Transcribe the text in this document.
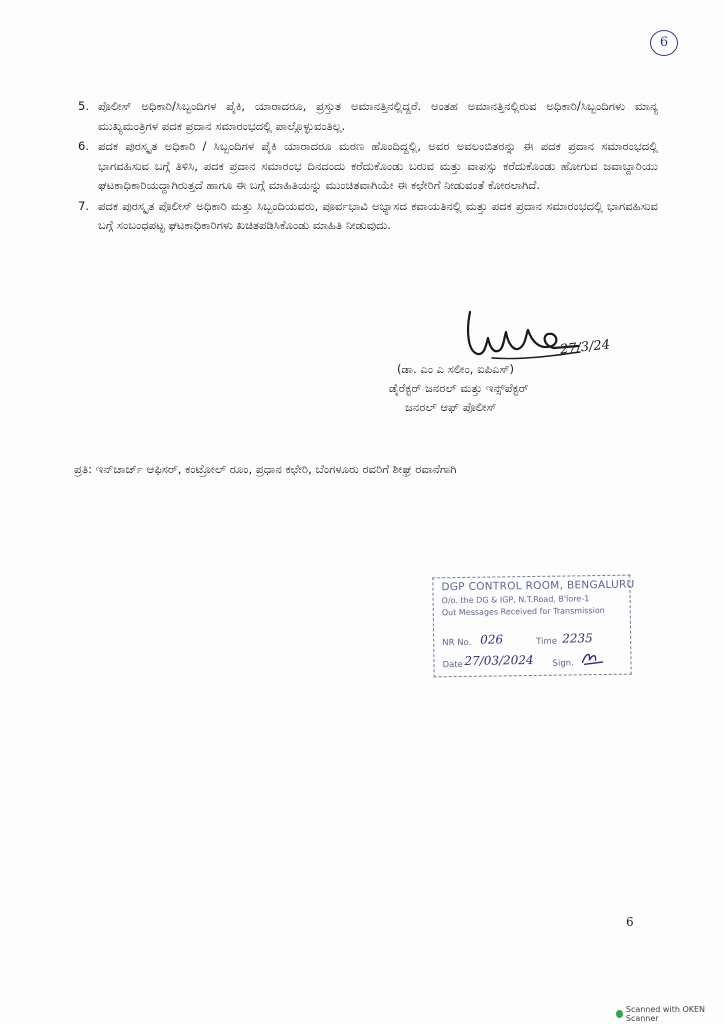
6
5. ಪೊಲೀಸ್ ಅಧಿಕಾರಿ/ಸಿಬ್ಬಂದಿಗಳ ಪೈಕಿ, ಯಾರಾದರೂ, ಪ್ರಸ್ತುತ ಅಮಾನತ್ತಿನಲ್ಲಿದ್ದರೆ. ಅಂತಹ ಅಮಾನತ್ತಿನಲ್ಲಿರುವ ಅಧಿಕಾರಿ/ಸಿಬ್ಬಂದಿಗಳು ಮಾನ್ಯ ಮುಖ್ಯಮಂತ್ರಿಗಳ ಪದಕ ಪ್ರದಾನ ಸಮಾರಂಭದಲ್ಲಿ ಪಾಲ್ಗೊಳ್ಳುವಂತಿಲ್ಲ.
6. ಪದಕ ಪುರಸ್ಕೃತ ಅಧಿಕಾರಿ / ಸಿಬ್ಬಂದಿಗಳ ಪೈಕಿ ಯಾರಾದರೂ ಮರಣ ಹೊಂದಿದ್ದಲ್ಲಿ, ಅವರ ಅವಲಂಬಿತರನ್ನು ಈ ಪದಕ ಪ್ರದಾನ ಸಮಾರಂಭದಲ್ಲಿ ಭಾಗವಹಿಸುವ ಬಗ್ಗೆ ತಿಳಿಸಿ, ಪದಕ ಪ್ರದಾನ ಸಮಾರಂಭ ದಿನದಂದು ಕರೆದುಕೊಂಡು ಬರುವ ಮತ್ತು ವಾಪಸ್ಸು ಕರೆದುಕೊಂಡು ಹೋಗುವ ಜವಾಬ್ದಾರಿಯು ಘಟಕಾಧಿಕಾರಿಯದ್ದಾಗಿರುತ್ತದೆ ಹಾಗೂ ಈ ಬಗ್ಗೆ ಮಾಹಿತಿಯನ್ನು ಮುಂಚಿತವಾಗಿಯೇ ಈ ಕಛೇರಿಗೆ ನೀಡುವಂತೆ ಕೋರಲಾಗಿದೆ.
7. ಪದಕ ಪುರಸ್ಕೃತ ಪೊಲೀಸ್ ಅಧಿಕಾರಿ ಮತ್ತು ಸಿಬ್ಬಂದಿಯವರು, ಪೂರ್ವಭಾವಿ ಅಭ್ಯಾಸದ ಕವಾಯತಿನಲ್ಲಿ ಮತ್ತು ಪದಕ ಪ್ರದಾನ ಸಮಾರಂಭದಲ್ಲಿ ಭಾಗವಹಿಸುವ ಬಗ್ಗೆ ಸಂಬಂಧಪಟ್ಟ ಘಟಕಾಧಿಕಾರಿಗಳು ಖಚಿತಪಡಿಸಿಕೊಂಡು ಮಾಹಿತಿ ನೀಡುವುದು.
27/3/24
(ಡಾ. ಎಂ ಎ ಸಲೀಂ, ಐಪಿಎಸ್)
ಡೈರೆಕ್ಟರ್ ಜನರಲ್ ಮತ್ತು ಇನ್ಸ್‌ಪೆಕ್ಟರ್
ಜನರಲ್ ಆಫ್ ಪೊಲೀಸ್
ಪ್ರತಿ: ಇನ್‌ಚಾರ್ಜ್ ಆಫಿಸರ್, ಕಂಟ್ರೋಲ್ ರೂಂ, ಪ್ರಧಾನ ಕಛೇರಿ, ಬೆಂಗಳೂರು ರವರಿಗೆ ಶೀಘ್ರ ರವಾನೆಗಾಗಿ
DGP CONTROL ROOM, BENGALURU
O/o. the DG & IGP, N.T.Road, B'lore-1
Out Messages Received for Transmission
NR No. 026	Time 2235
Date 27/03/2024 Sign.
6
Scanned with OKEN Scanner
